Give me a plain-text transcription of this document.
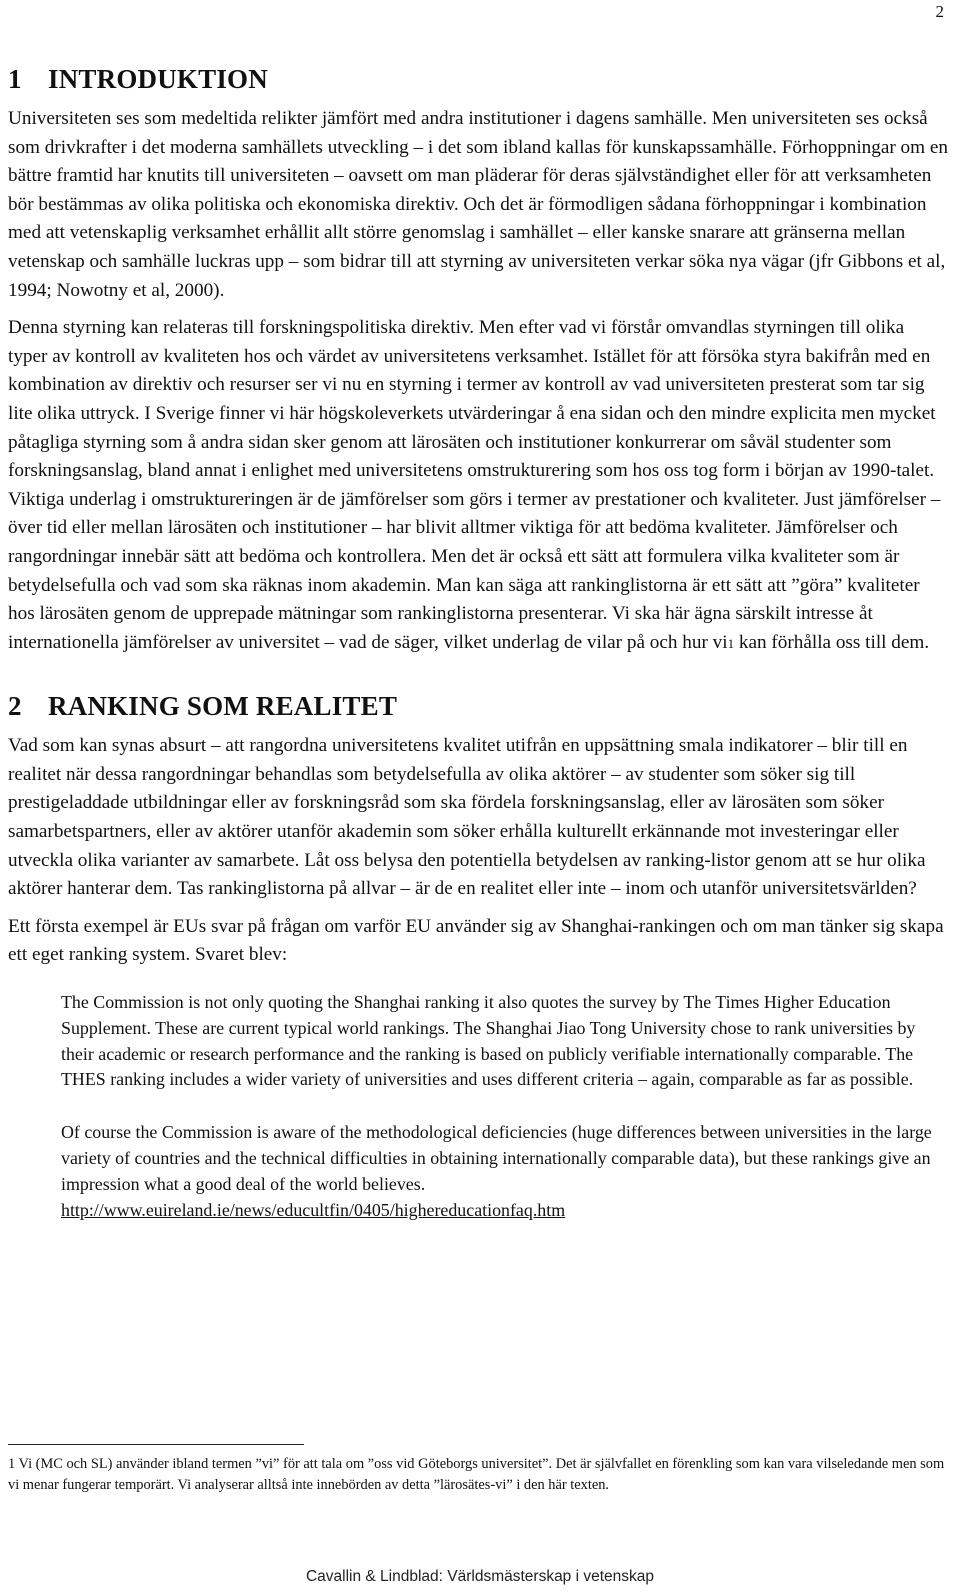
2
1 INTRODUKTION

Universiteten ses som medeltida relikter jämfört med andra institutioner i dagens samhälle. Men universiteten ses också som drivkrafter i det moderna samhällets utveckling – i det som ibland kallas för kunskapssamhälle. Förhoppningar om en bättre framtid har knutits till universiteten – oavsett om man pläderar för deras självständighet eller för att verksamheten bör bestämmas av olika politiska och ekonomiska direktiv. Och det är förmodligen sådana förhoppningar i kombination med att vetenskaplig verksamhet erhållit allt större genomslag i samhället – eller kanske snarare att gränserna mellan vetenskap och samhälle luckras upp – som bidrar till att styrning av universiteten verkar söka nya vägar (jfr Gibbons et al, 1994; Nowotny et al, 2000).

Denna styrning kan relateras till forskningspolitiska direktiv. Men efter vad vi förstår omvandlas styrningen till olika typer av kontroll av kvaliteten hos och värdet av universitetens verksamhet. Istället för att försöka styra bakifrån med en kombination av direktiv och resurser ser vi nu en styrning i termer av kontroll av vad universiteten presterat som tar sig lite olika uttryck. I Sverige finner vi här högskoleverkets utvärderingar å ena sidan och den mindre explicita men mycket påtagliga styrning som å andra sidan sker genom att lärosäten och institutioner konkurrerar om såväl studenter som forskningsanslag, bland annat i enlighet med universitetens omstrukturering som hos oss tog form i början av 1990-talet. Viktiga underlag i omstruktureringen är de jämförelser som görs i termer av prestationer och kvaliteter. Just jämförelser – över tid eller mellan lärosäten och institutioner – har blivit alltmer viktiga för att bedöma kvaliteter. Jämförelser och rangordningar innebär sätt att bedöma och kontrollera. Men det är också ett sätt att formulera vilka kvaliteter som är betydelsefulla och vad som ska räknas inom akademin. Man kan säga att rankinglistorna är ett sätt att ”göra” kvaliteter hos lärosäten genom de upprepade mätningar som rankinglistorna presenterar. Vi ska här ägna särskilt intresse åt internationella jämförelser av universitet – vad de säger, vilket underlag de vilar på och hur vi1 kan förhålla oss till dem.

2 RANKING SOM REALITET

Vad som kan synas absurt – att rangordna universitetens kvalitet utifrån en uppsättning smala indikatorer – blir till en realitet när dessa rangordningar behandlas som betydelsefulla av olika aktörer – av studenter som söker sig till prestigeladdade utbildningar eller av forskningsråd som ska fördela forskningsanslag, eller av lärosäten som söker samarbetspartners, eller av aktörer utanför akademin som söker erhålla kulturellt erkännande mot investeringar eller utveckla olika varianter av samarbete. Låt oss belysa den potentiella betydelsen av ranking-listor genom att se hur olika aktörer hanterar dem. Tas rankinglistorna på allvar – är de en realitet eller inte – inom och utanför universitetsvärlden?

Ett första exempel är EUs svar på frågan om varför EU använder sig av Shanghai-rankingen och om man tänker sig skapa ett eget ranking system. Svaret blev:

The Commission is not only quoting the Shanghai ranking it also quotes the survey by The Times Higher Education Supplement. These are current typical world rankings. The Shanghai Jiao Tong University chose to rank universities by their academic or research performance and the ranking is based on publicly verifiable internationally comparable. The THES ranking includes a wider variety of universities and uses different criteria – again, comparable as far as possible.

Of course the Commission is aware of the methodological deficiencies (huge differences between universities in the large variety of countries and the technical difficulties in obtaining internationally comparable data), but these rankings give an impression what a good deal of the world believes.
http://www.euireland.ie/news/educultfin/0405/highereducationfaq.htm

1 Vi (MC och SL) använder ibland termen ”vi” för att tala om ”oss vid Göteborgs universitet”. Det är självfallet en förenkling som kan vara vilseledande men som vi menar fungerar temporärt. Vi analyserar alltså inte innebörden av detta ”lärosätes-vi” i den här texten.
Cavallin & Lindblad: Världsmästerskap i vetenskap
